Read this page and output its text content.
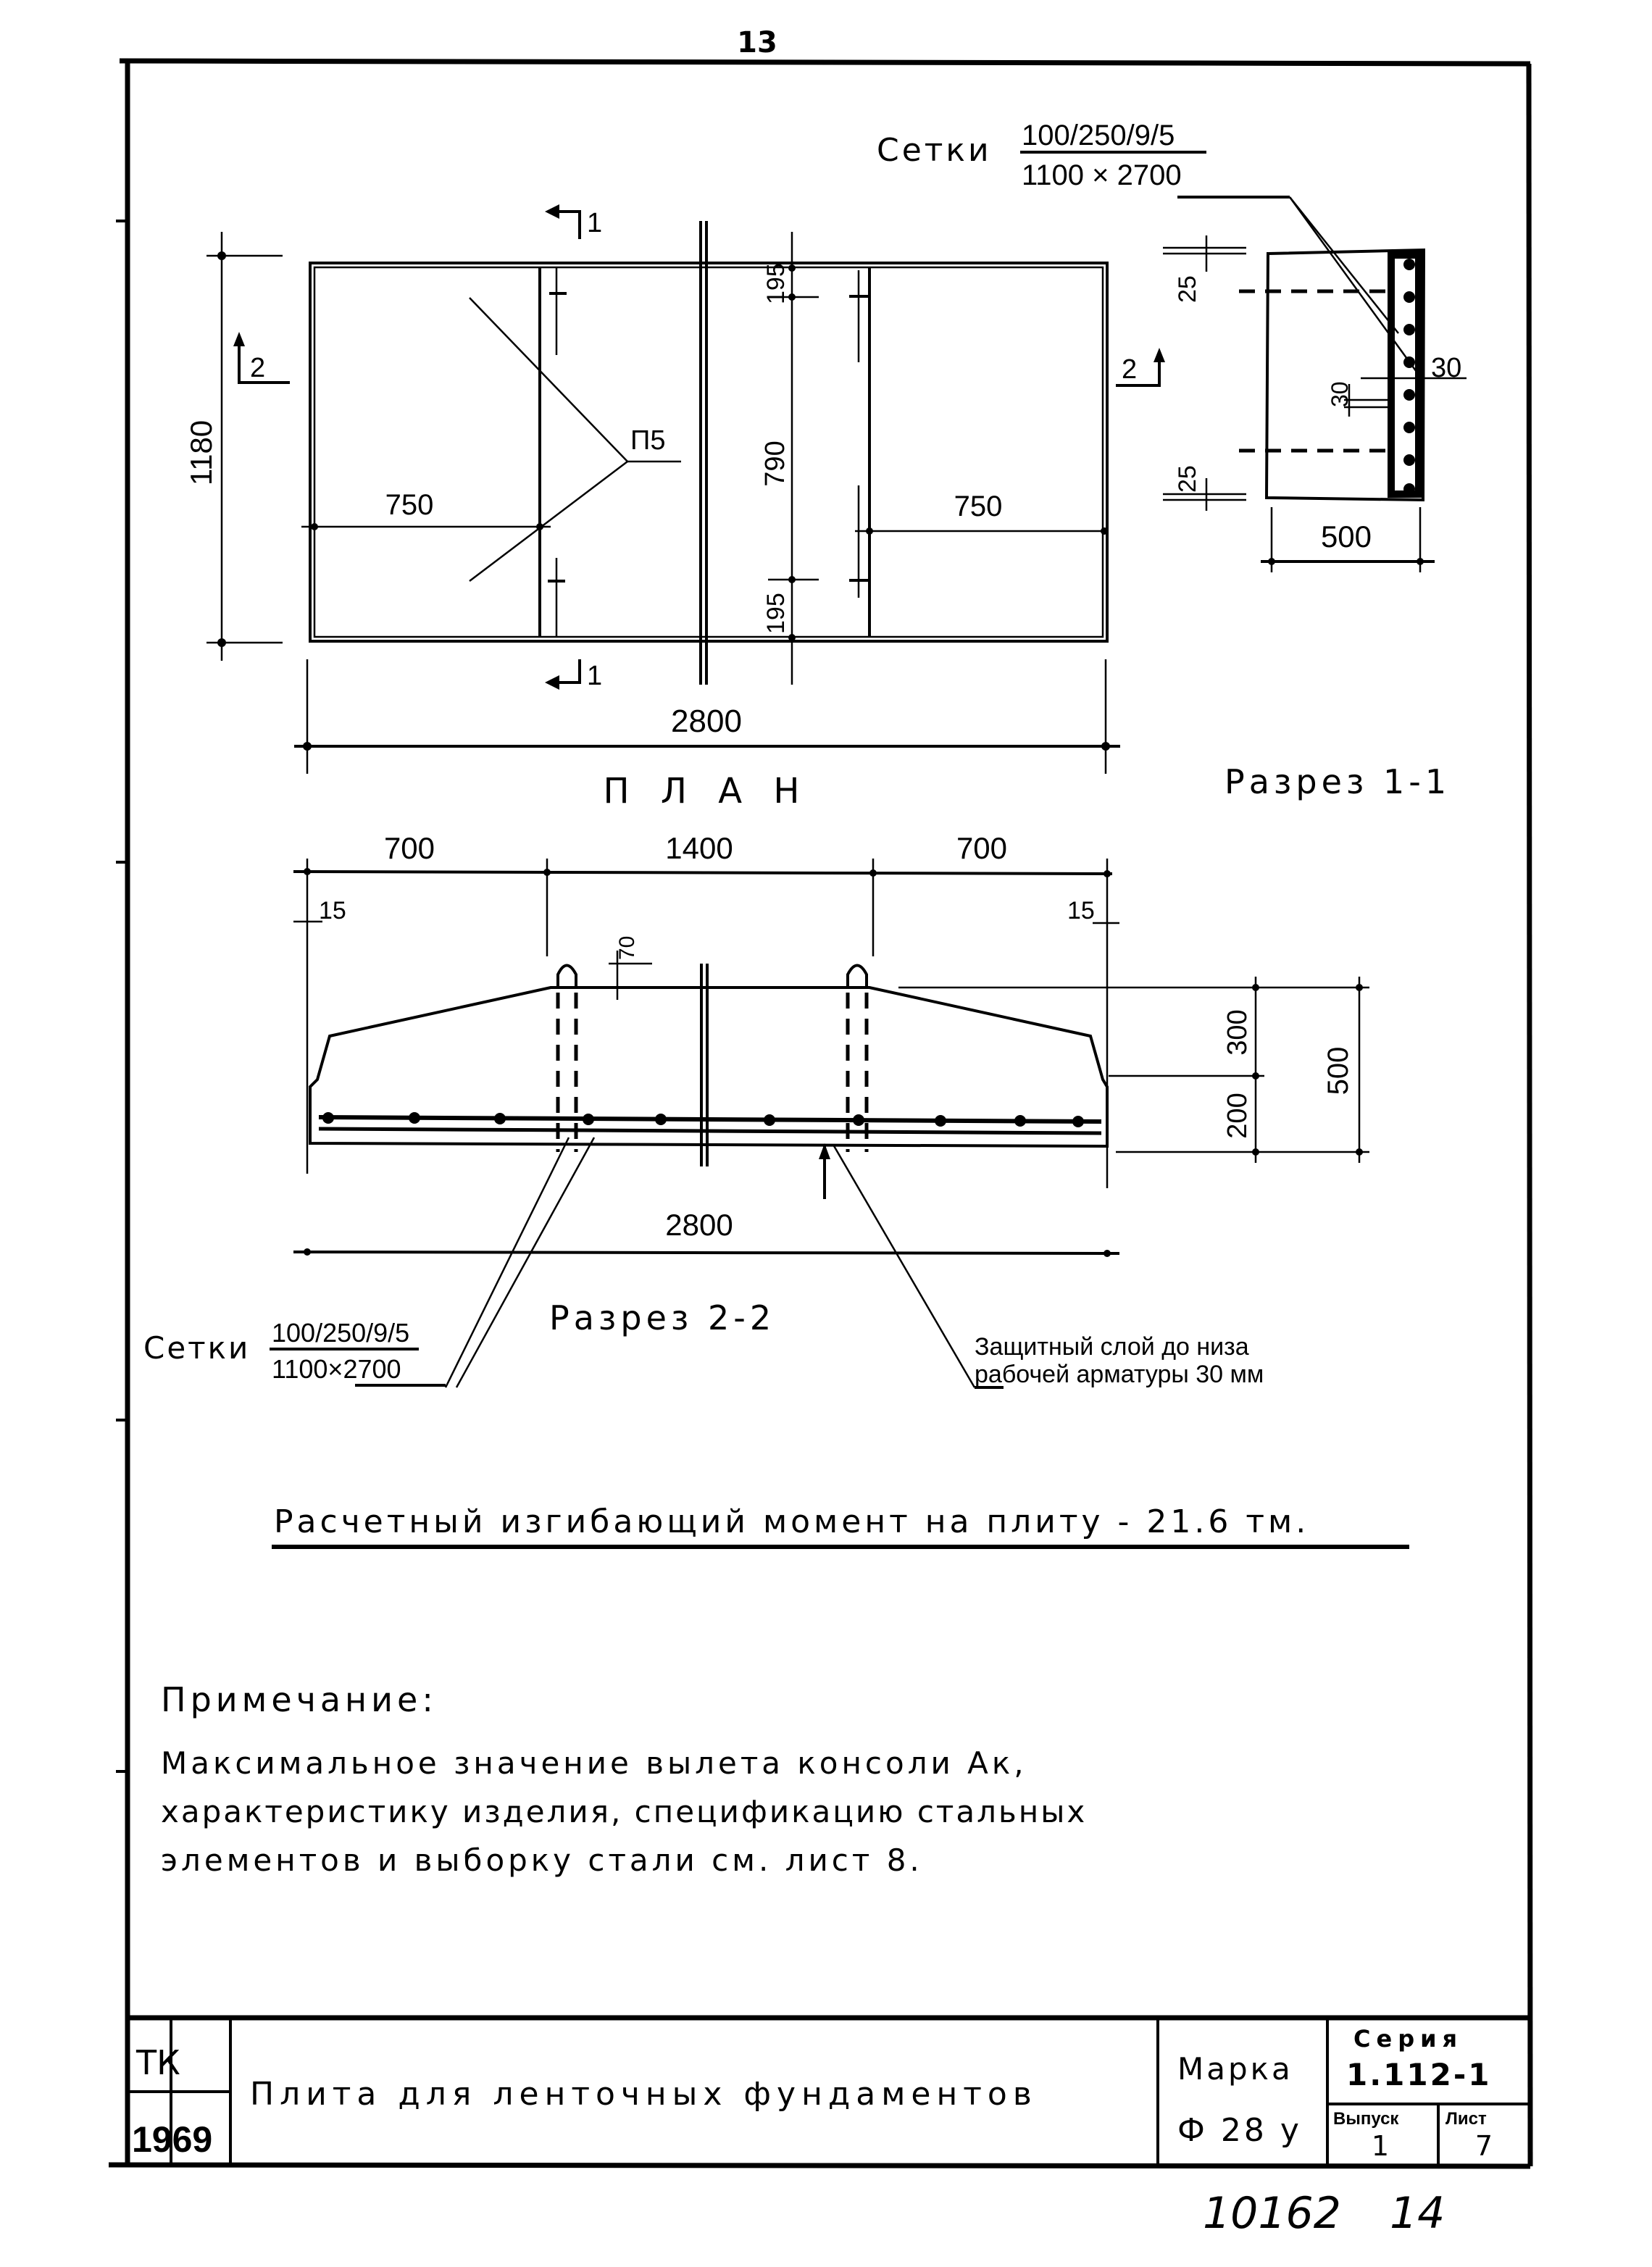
13
П5
195
790
195
750	750
1180
2800
1
1
2	2
П Л А Н
Сетки 100/250/9/5
1100 × 2700
25
25
30
30
500
Разрез 1-1
700	1400	700
15	15
70
300
200
500
2800
Сетки 100/250/9/5
1100×2700
Разрез 2-2
Защитный слой до низа
рабочей арматуры 30 мм
Расчетный изгибающий момент на плиту - 21.6 тм.
Примечание:
Максимальное значение вылета консоли Ак,
характеристику изделия, спецификацию стальных
элементов и выборку стали см. лист 8.
ТК
1969
Плита для ленточных фундаментов
Марка
Ф 28 у
Серия
1.112-1
Выпуск
1
Лист
7
10162 14
